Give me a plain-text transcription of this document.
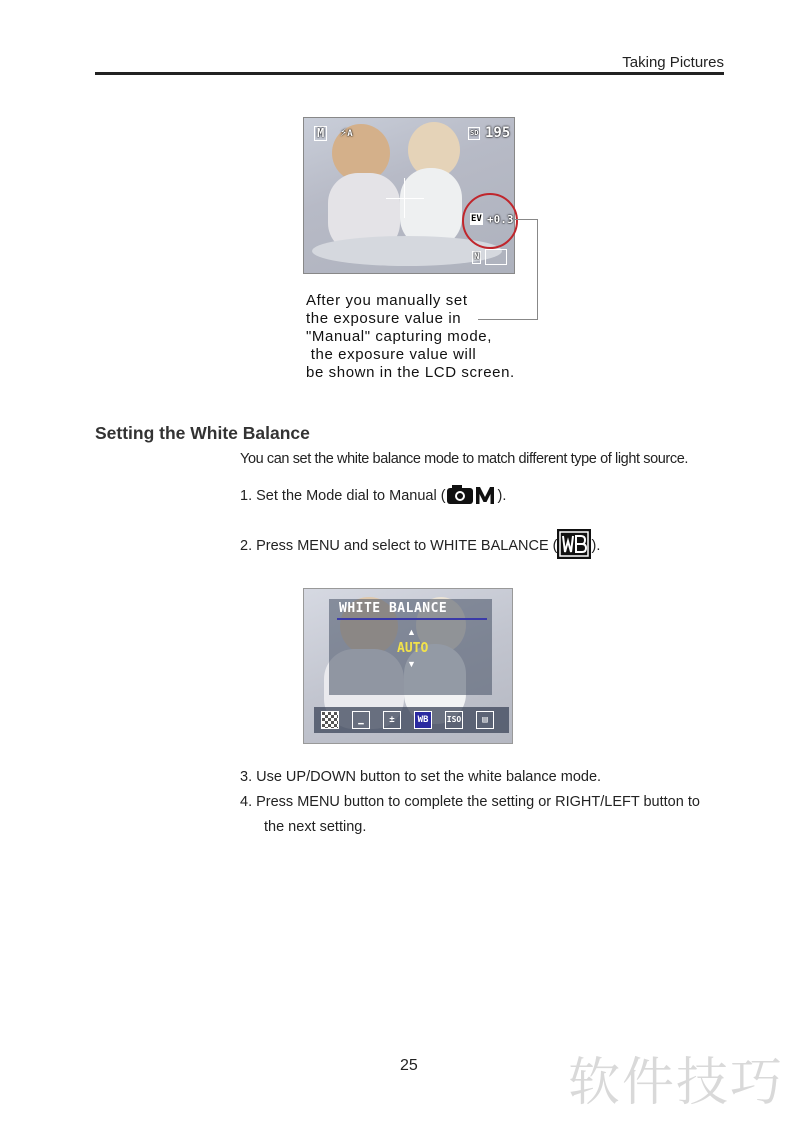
Taking Pictures
M ⚡A	SD 195
EV +0.3
N
After you manually set
the exposure value in
"Manual" capturing mode,
the exposure value will
be shown in the LCD screen.
Setting the White Balance
You can set the white balance mode to match different type of light source.
1. Set the Mode dial to Manual (	).
2. Press MENU and select to WHITE BALANCE ( ).
WHITE BALANCE
▲
AUTO
▼
▁	±	WB	ISO	▤
3. Use UP/DOWN button to set the white balance mode.
4. Press MENU button to complete the setting or RIGHT/LEFT button to
the next setting.
25	软件技巧
